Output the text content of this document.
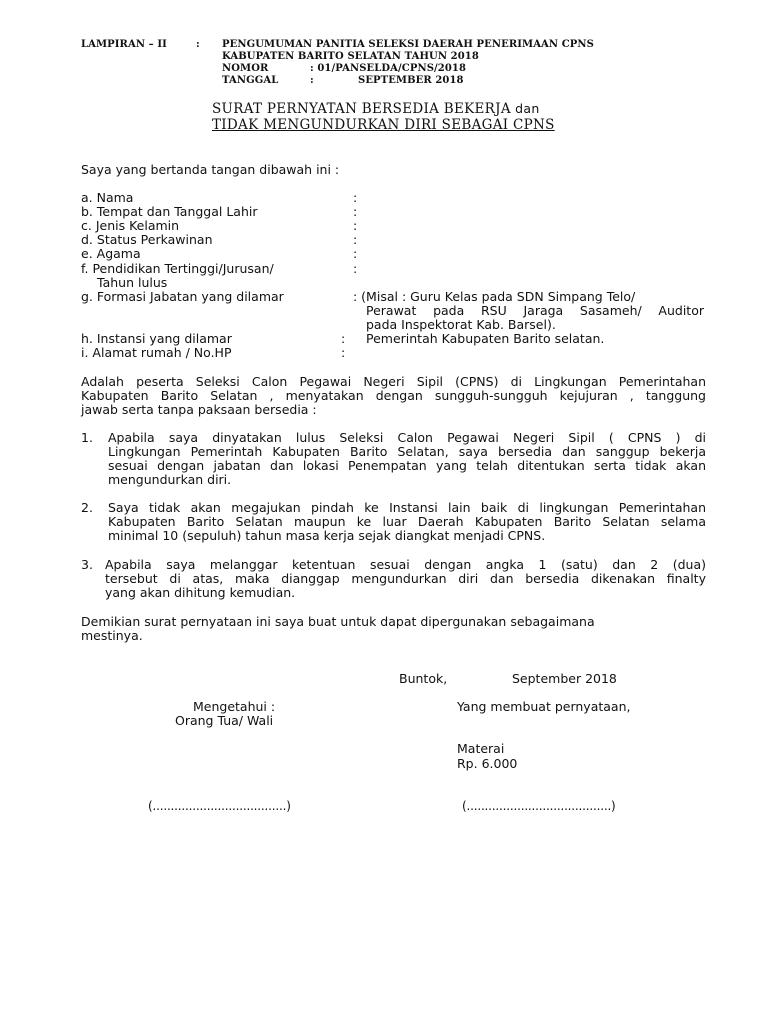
LAMPIRAN – II	: PENGUMUMAN PANITIA SELEKSI DAERAH PENERIMAAN CPNS
KABUPATEN BARITO SELATAN TAHUN 2018
NOMOR	: 01/PANSELDA/CPNS/2018
TANGGAL	:	SEPTEMBER 2018
SURAT PERNYATAN BERSEDIA BEKERJA dan
TIDAK MENGUNDURKAN DIRI SEBAGAI CPNS
Saya yang bertanda tangan dibawah ini :
a. Nama	:
b. Tempat dan Tanggal Lahir	:
c. Jenis Kelamin	:
d. Status Perkawinan	:
e. Agama	:
f. Pendidikan Tertinggi/Jurusan/	:
Tahun lulus
g. Formasi Jabatan yang dilamar	: (Misal : Guru Kelas pada SDN Simpang Telo/
Perawat pada RSU Jaraga Sasameh/ Auditor
pada Inspektorat Kab. Barsel).
h. Instansi yang dilamar	: Pemerintah Kabupaten Barito selatan.
i. Alamat rumah / No.HP	:
Adalah peserta Seleksi Calon Pegawai Negeri Sipil (CPNS) di Lingkungan Pemerintahan
Kabupaten Barito Selatan , menyatakan dengan sungguh-sungguh kejujuran , tanggung
jawab serta tanpa paksaan bersedia :
1. Apabila saya dinyatakan lulus Seleksi Calon Pegawai Negeri Sipil ( CPNS ) di
Lingkungan Pemerintah Kabupaten Barito Selatan, saya bersedia dan sanggup bekerja
sesuai dengan jabatan dan lokasi Penempatan yang telah ditentukan serta tidak akan
mengundurkan diri.
2. Saya tidak akan megajukan pindah ke Instansi lain baik di lingkungan Pemerintahan
Kabupaten Barito Selatan maupun ke luar Daerah Kabupaten Barito Selatan selama
minimal 10 (sepuluh) tahun masa kerja sejak diangkat menjadi CPNS.
3. Apabila saya melanggar ketentuan sesuai dengan angka 1 (satu) dan 2 (dua)
tersebut di atas, maka dianggap mengundurkan diri dan bersedia dikenakan finalty
yang akan dihitung kemudian.
Demikian surat pernyataan ini saya buat untuk dapat dipergunakan sebagaimana
mestinya.
Buntok,	September 2018
Mengetahui :
Orang Tua/ Wali
Yang membuat pernyataan,
Materai
Rp. 6.000
(.....................................)	(........................................)
